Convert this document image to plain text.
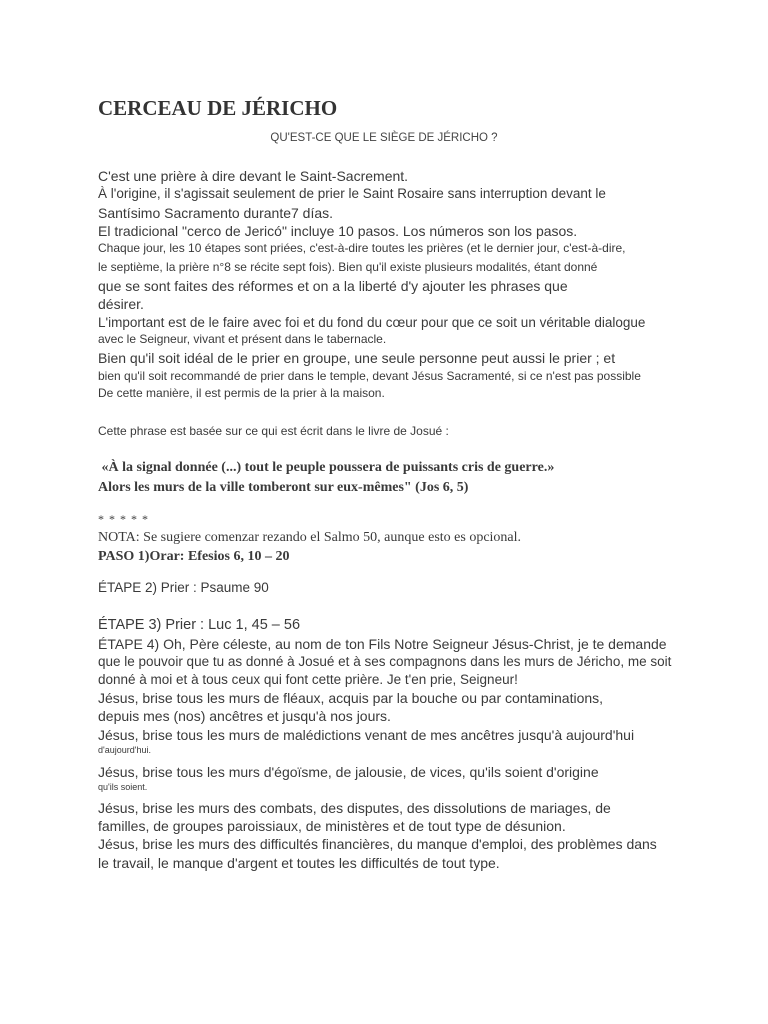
CERCEAU DE JÉRICHO
QU'EST-CE QUE LE SIÈGE DE JÉRICHO ?
C'est une prière à dire devant le Saint-Sacrement.
À l'origine, il s'agissait seulement de prier le Saint Rosaire sans interruption devant le
Santísimo Sacramento durante7 días.
El tradicional "cerco de Jericó" incluye 10 pasos. Los números son los pasos.
Chaque jour, les 10 étapes sont priées, c'est-à-dire toutes les prières (et le dernier jour, c'est-à-dire,
le septième, la prière n°8 se récite sept fois). Bien qu'il existe plusieurs modalités, étant donné
que se sont faites des réformes et on a la liberté d'y ajouter les phrases que
désirer.
L'important est de le faire avec foi et du fond du cœur pour que ce soit un véritable dialogue
avec le Seigneur, vivant et présent dans le tabernacle.
Bien qu'il soit idéal de le prier en groupe, une seule personne peut aussi le prier ; et
bien qu'il soit recommandé de prier dans le temple, devant Jésus Sacramenté, si ce n'est pas possible
De cette manière, il est permis de la prier à la maison.
Cette phrase est basée sur ce qui est écrit dans le livre de Josué :
«À la signal donnée (...) tout le peuple poussera de puissants cris de guerre.»
Alors les murs de la ville tomberont sur eux-mêmes" (Jos 6, 5)
* * * * *
NOTA: Se sugiere comenzar rezando el Salmo 50, aunque esto es opcional.
PASO 1)Orar: Efesios 6, 10 – 20
ÉTAPE 2) Prier : Psaume 90
ÉTAPE 3) Prier : Luc 1, 45 – 56
ÉTAPE 4) Oh, Père céleste, au nom de ton Fils Notre Seigneur Jésus-Christ, je te demande
que le pouvoir que tu as donné à Josué et à ses compagnons dans les murs de Jéricho, me soit
donné à moi et à tous ceux qui font cette prière. Je t'en prie, Seigneur!
Jésus, brise tous les murs de fléaux, acquis par la bouche ou par contaminations,
depuis mes (nos) ancêtres et jusqu'à nos jours.
Jésus, brise tous les murs de malédictions venant de mes ancêtres jusqu'à aujourd'hui
d'aujourd'hui.
Jésus, brise tous les murs d'égoïsme, de jalousie, de vices, qu'ils soient d'origine
qu'ils soient.
Jésus, brise les murs des combats, des disputes, des dissolutions de mariages, de
familles, de groupes paroissiaux, de ministères et de tout type de désunion.
Jésus, brise les murs des difficultés financières, du manque d'emploi, des problèmes dans
le travail, le manque d'argent et toutes les difficultés de tout type.
